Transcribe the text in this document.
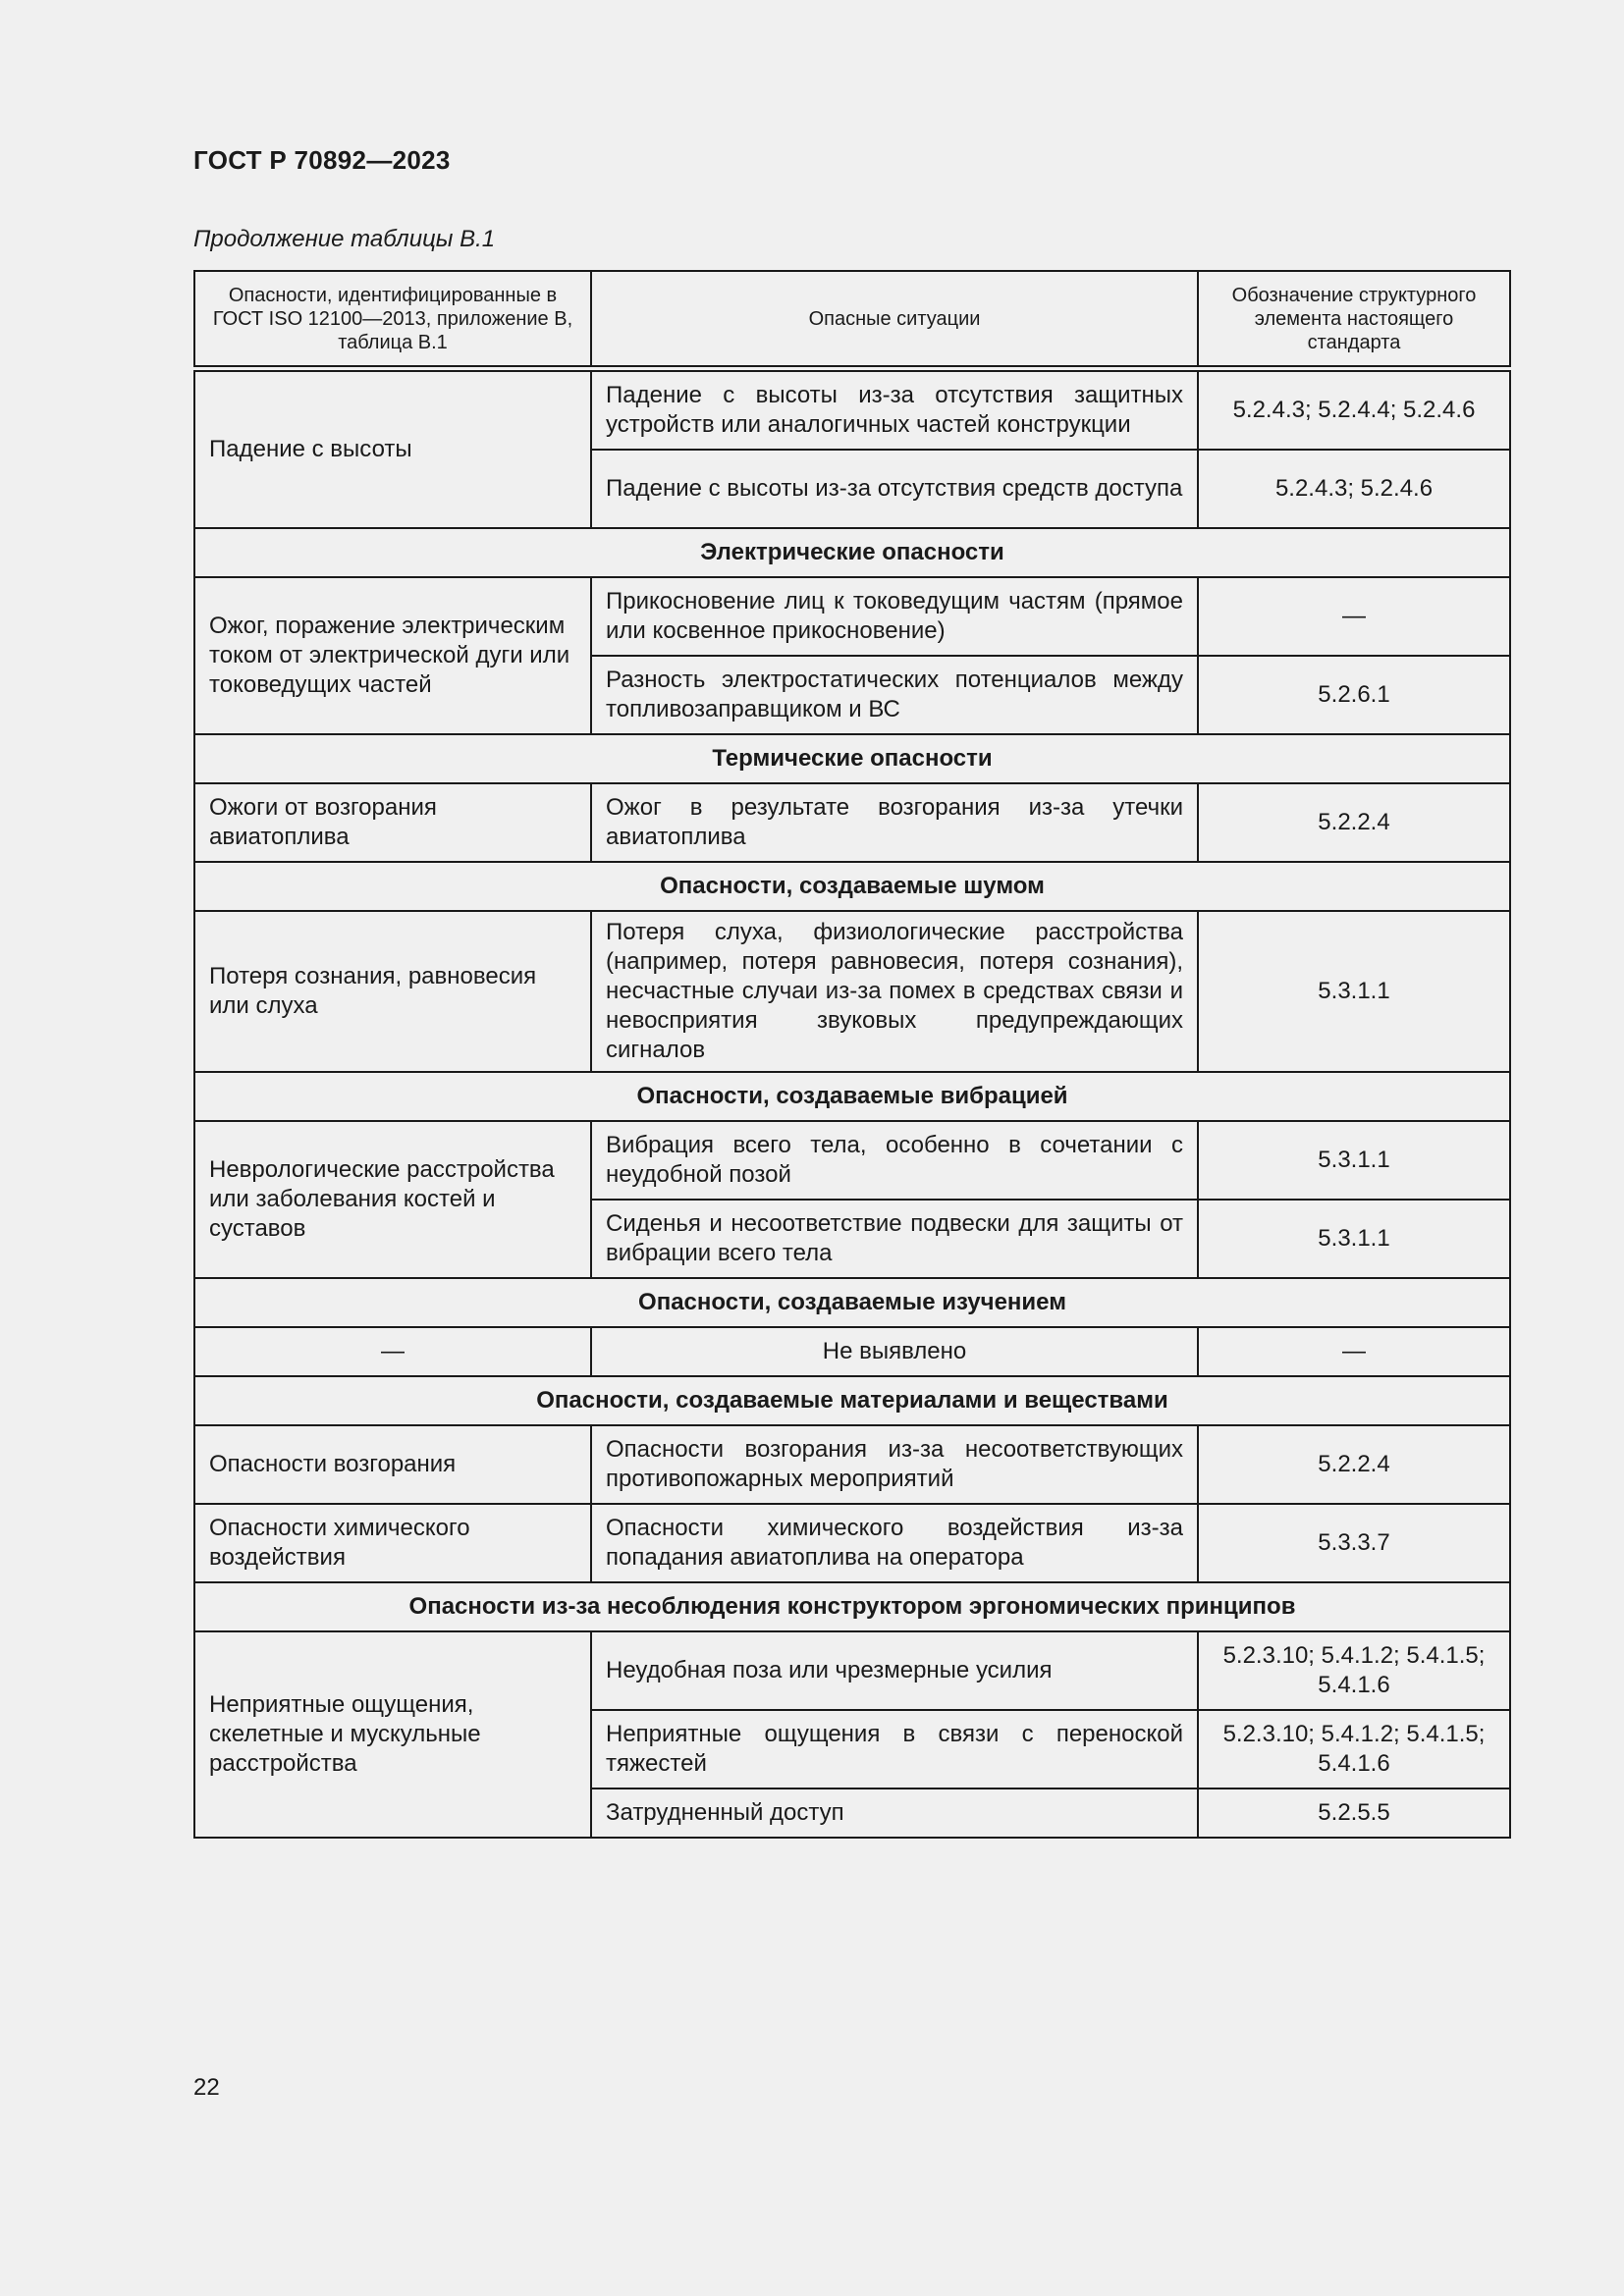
ГОСТ Р 70892—2023
Продолжение таблицы В.1
Опасности, идентифицированные в ГОСТ ISO 12100—2013, приложение В, таблица В.1	Опасные ситуации	Обозначение структурного элемента настоящего стандарта
Падение с высоты	Падение с высоты из-за отсутствия защитных устройств или аналогичных частей конструкции	5.2.4.3; 5.2.4.4; 5.2.4.6
	Падение с высоты из-за отсутствия средств доступа	5.2.4.3; 5.2.4.6
Электрические опасности		
Ожог, поражение электрическим током от электрической дуги или токоведущих частей	Прикосновение лиц к токоведущим частям (прямое или косвенное прикосновение)	—
	Разность электростатических потенциалов между топливозаправщиком и ВС	5.2.6.1
Термические опасности		
Ожоги от возгорания авиатоплива	Ожог в результате возгорания из-за утечки авиатоплива	5.2.2.4
Опасности, создаваемые шумом		
Потеря сознания, равновесия или слуха	Потеря слуха, физиологические расстройства (например, потеря равновесия, потеря сознания), несчастные случаи из-за помех в средствах связи и невосприятия звуковых предупреждающих сигналов	5.3.1.1
Опасности, создаваемые вибрацией		
Неврологические расстройства или заболевания костей и суставов	Вибрация всего тела, особенно в сочетании с неудобной позой	5.3.1.1
	Сиденья и несоответствие подвески для защиты от вибрации всего тела	5.3.1.1
Опасности, создаваемые изучением		
—	Не выявлено	—
Опасности, создаваемые материалами и веществами		
Опасности возгорания	Опасности возгорания из-за несоответствующих противопожарных мероприятий	5.2.2.4
Опасности химического воздействия	Опасности химического воздействия из-за попадания авиатоплива на оператора	5.3.3.7
Опасности из-за несоблюдения конструктором эргономических принципов		
Неприятные ощущения, скелетные и мускульные расстройства	Неудобная поза или чрезмерные усилия	5.2.3.10; 5.4.1.2; 5.4.1.5; 5.4.1.6
	Неприятные ощущения в связи с переноской тяжестей	5.2.3.10; 5.4.1.2; 5.4.1.5; 5.4.1.6
	Затрудненный доступ	5.2.5.5
22
